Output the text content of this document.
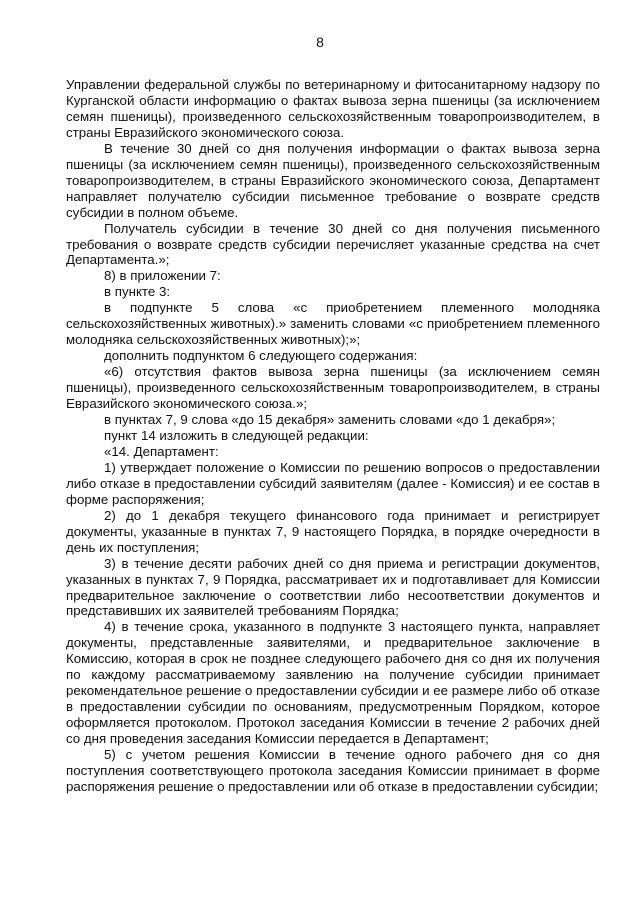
8

Управлении федеральной службы по ветеринарному и фитосанитарному надзору по Курганской области информацию о фактах вывоза зерна пшеницы (за исключением семян пшеницы), произведенного сельскохозяйственным товаропроизводителем, в страны Евразийского экономического союза.

В течение 30 дней со дня получения информации о фактах вывоза зерна пшеницы (за исключением семян пшеницы), произведенного сельскохозяйственным товаропроизводителем, в страны Евразийского экономического союза, Департамент направляет получателю субсидии письменное требование о возврате средств субсидии в полном объеме.

Получатель субсидии в течение 30 дней со дня получения письменного требования о возврате средств субсидии перечисляет указанные средства на счет Департамента.»;

8) в приложении 7:

в пункте 3:

в подпункте 5 слова «с приобретением племенного молодняка сельскохозяйственных животных).» заменить словами «с приобретением племенного молодняка сельскохозяйственных животных);»;

дополнить подпунктом 6 следующего содержания:

«6) отсутствия фактов вывоза зерна пшеницы (за исключением семян пшеницы), произведенного сельскохозяйственным товаропроизводителем, в страны Евразийского экономического союза.»;

в пунктах 7, 9 слова «до 15 декабря» заменить словами «до 1 декабря»;

пункт 14 изложить в следующей редакции:

«14. Департамент:

1) утверждает положение о Комиссии по решению вопросов о предоставлении либо отказе в предоставлении субсидий заявителям (далее - Комиссия) и ее состав в форме распоряжения;

2) до 1 декабря текущего финансового года принимает и регистрирует документы, указанные в пунктах 7, 9 настоящего Порядка, в порядке очередности в день их поступления;

3) в течение десяти рабочих дней со дня приема и регистрации документов, указанных в пунктах 7, 9 Порядка, рассматривает их и подготавливает для Комиссии предварительное заключение о соответствии либо несоответствии документов и представивших их заявителей требованиям Порядка;

4) в течение срока, указанного в подпункте 3 настоящего пункта, направляет документы, представленные заявителями, и предварительное заключение в Комиссию, которая в срок не позднее следующего рабочего дня со дня их получения по каждому рассматриваемому заявлению на получение субсидии принимает рекомендательное решение о предоставлении субсидии и ее размере либо об отказе в предоставлении субсидии по основаниям, предусмотренным Порядком, которое оформляется протоколом. Протокол заседания Комиссии в течение 2 рабочих дней со дня проведения заседания Комиссии передается в Департамент;

5) с учетом решения Комиссии в течение одного рабочего дня со дня поступления соответствующего протокола заседания Комиссии принимает в форме распоряжения решение о предоставлении или об отказе в предоставлении субсидии;
